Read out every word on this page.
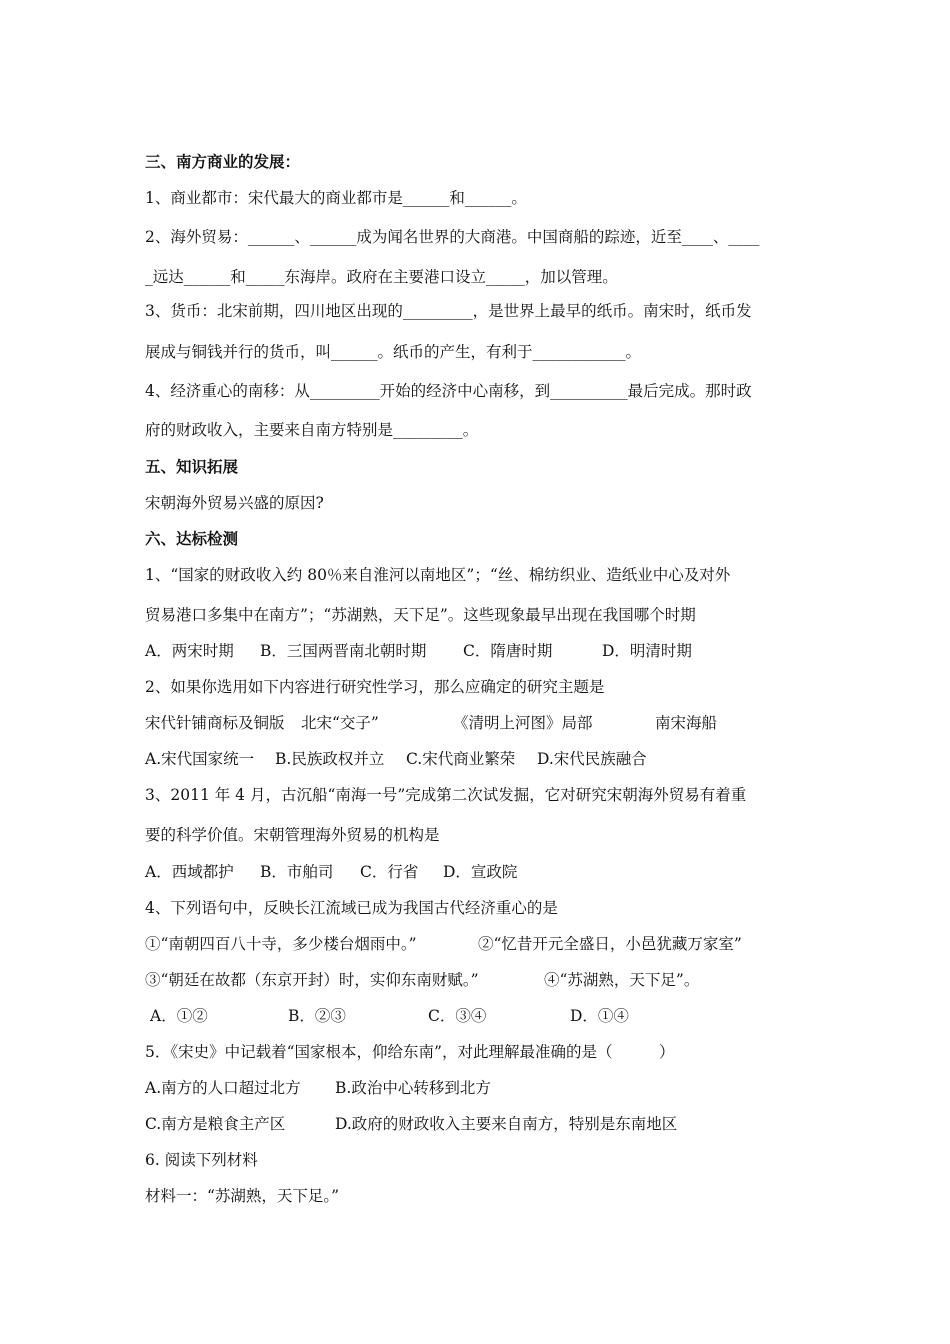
三、南方商业的发展：
1、商业都市：宋代最大的商业都市是______和______。
2、海外贸易：______、______成为闻名世界的大商港。中国商船的踪迹，近至____、____
_远达______和_____东海岸。政府在主要港口设立_____，加以管理。
3、货币：北宋前期，四川地区出现的_________，是世界上最早的纸币。南宋时，纸币发
展成与铜钱并行的货币，叫______。纸币的产生，有利于____________。
4、经济重心的南移：从_________开始的经济中心南移，到__________最后完成。那时政
府的财政收入，主要来自南方特别是_________。
五、知识拓展
宋朝海外贸易兴盛的原因?
六、达标检测
1、“国家的财政收入约 80％来自淮河以南地区”；“丝、棉纺织业、造纸业中心及对外
贸易港口多集中在南方”；“苏湖熟，天下足”。这些现象最早出现在我国哪个时期
A．两宋时期 B．三国两晋南北朝时期 C．隋唐时期	D．明清时期
2、如果你选用如下内容进行研究性学习，那么应确定的研究主题是
宋代针铺商标及铜版 北宋“交子”	《清明上河图》局部	南宋海船
A.宋代国家统一 B.民族政权并立 C.宋代商业繁荣 D.宋代民族融合
3、2011 年 4 月，古沉船“南海一号”完成第二次试发掘，它对研究宋朝海外贸易有着重
要的科学价值。宋朝管理海外贸易的机构是
A．西域都护 B．市舶司 C．行省 D．宣政院
4、下列语句中，反映长江流域已成为我国古代经济重心的是
①“南朝四百八十寺，多少楼台烟雨中。”	②“忆昔开元全盛日，小邑犹藏万家室”
③“朝廷在故都（东京开封）时，实仰东南财赋。”	④“苏湖熟，天下足”。
A．①②	B．②③	C．③④	D．①④
5．《宋史》中记载着“国家根本，仰给东南”，对此理解最准确的是（　　　）
A.南方的人口超过北方 B.政治中心转移到北方
C.南方是粮食主产区	D.政府的财政收入主要来自南方，特别是东南地区
6. 阅读下列材料
材料一：“苏湖熟，天下足。”
